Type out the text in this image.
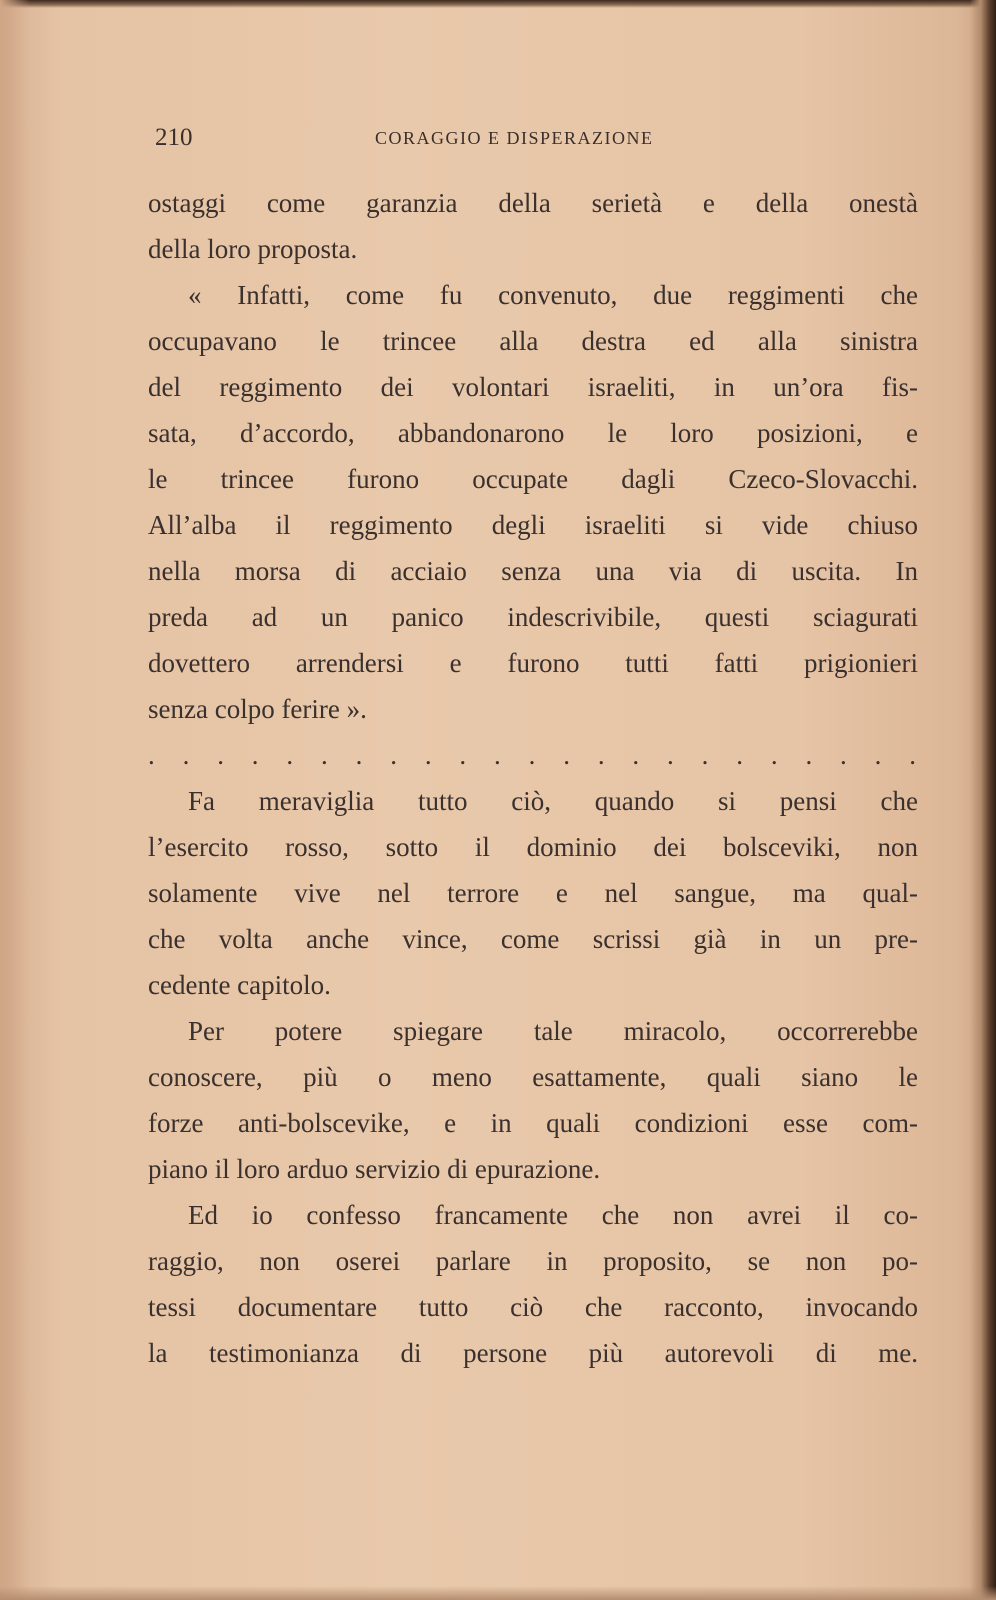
210	CORAGGIO E DISPERAZIONE
ostaggi come garanzia della serietà e della onestà
della loro proposta.
« Infatti, come fu convenuto, due reggimenti che
occupavano le trincee alla destra ed alla sinistra
del reggimento dei volontari israeliti, in un’ora fis-
sata, d’accordo, abbandonarono le loro posizioni, e
le trincee furono occupate dagli Czeco-Slovacchi.
All’alba il reggimento degli israeliti si vide chiuso
nella morsa di acciaio senza una via di uscita. In
preda ad un panico indescrivibile, questi sciagurati
dovettero arrendersi e furono tutti fatti prigionieri
senza colpo ferire ».
. . . . . . . . . . . . . . . . . . . . . . .
Fa meraviglia tutto ciò, quando si pensi che
l’esercito rosso, sotto il dominio dei bolsceviki, non
solamente vive nel terrore e nel sangue, ma qual-
che volta anche vince, come scrissi già in un pre-
cedente capitolo.
Per potere spiegare tale miracolo, occorrerebbe
conoscere, più o meno esattamente, quali siano le
forze anti-bolscevike, e in quali condizioni esse com-
piano il loro arduo servizio di epurazione.
Ed io confesso francamente che non avrei il co-
raggio, non oserei parlare in proposito, se non po-
tessi documentare tutto ciò che racconto, invocando
la testimonianza di persone più autorevoli di me.
